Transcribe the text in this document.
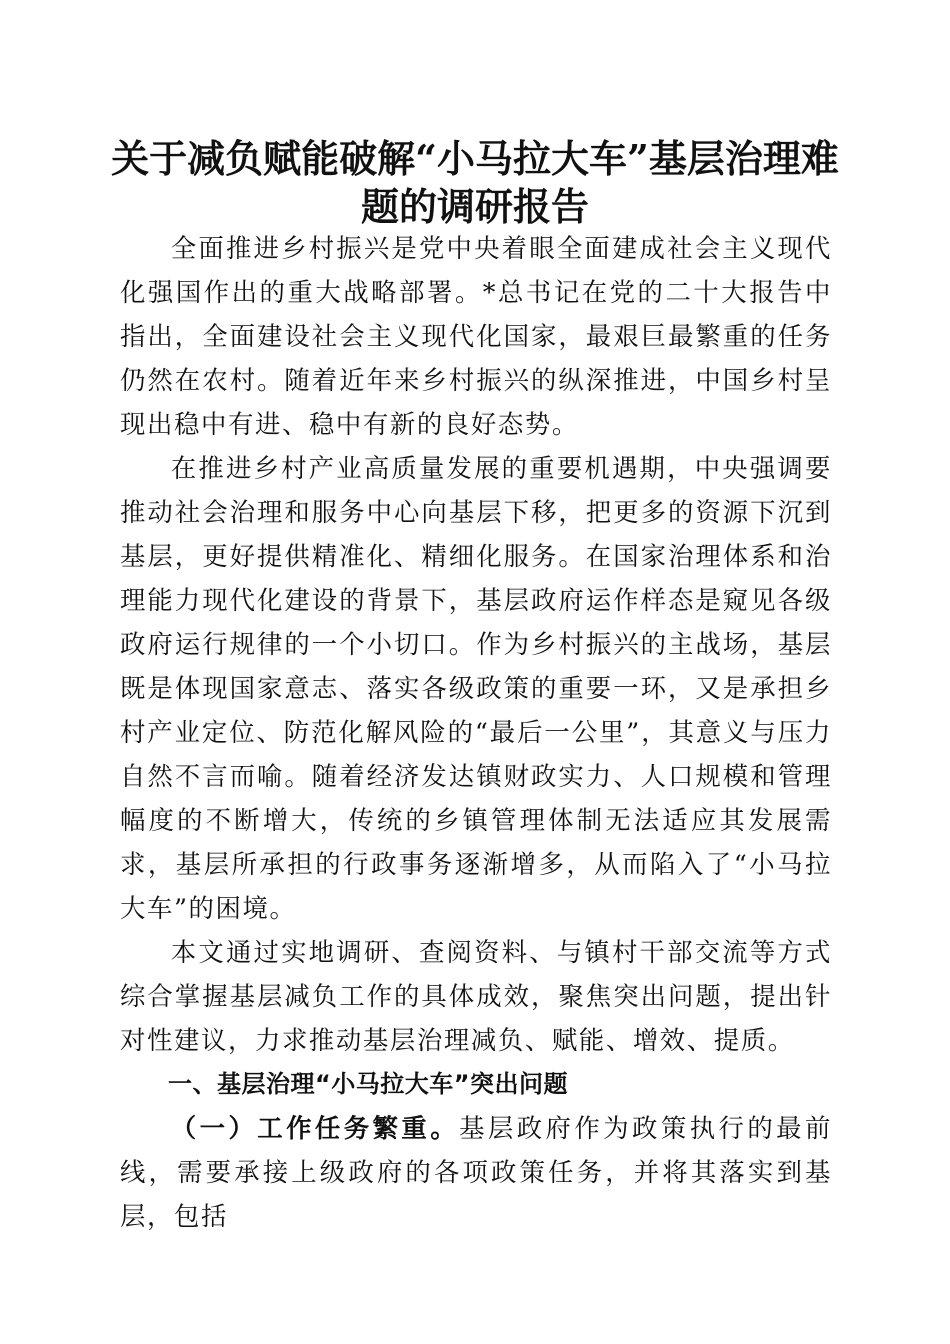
关于减负赋能破解“小马拉大车”基层治理难
题的调研报告

全面推进乡村振兴是党中央着眼全面建成社会主义现代化强国作出的重大战略部署。*总书记在党的二十大报告中指出，全面建设社会主义现代化国家，最艰巨最繁重的任务仍然在农村。随着近年来乡村振兴的纵深推进，中国乡村呈现出稳中有进、稳中有新的良好态势。

在推进乡村产业高质量发展的重要机遇期，中央强调要推动社会治理和服务中心向基层下移，把更多的资源下沉到基层，更好提供精准化、精细化服务。在国家治理体系和治理能力现代化建设的背景下，基层政府运作样态是窥见各级政府运行规律的一个小切口。作为乡村振兴的主战场，基层既是体现国家意志、落实各级政策的重要一环，又是承担乡村产业定位、防范化解风险的“最后一公里”，其意义与压力自然不言而喻。随着经济发达镇财政实力、人口规模和管理幅度的不断增大，传统的乡镇管理体制无法适应其发展需求，基层所承担的行政事务逐渐增多，从而陷入了“小马拉大车”的困境。

本文通过实地调研、查阅资料、与镇村干部交流等方式综合掌握基层减负工作的具体成效，聚焦突出问题，提出针对性建议，力求推动基层治理减负、赋能、增效、提质。

一、基层治理“小马拉大车”突出问题

（一）工作任务繁重。基层政府作为政策执行的最前线，需要承接上级政府的各项政策任务，并将其落实到基层，包括
